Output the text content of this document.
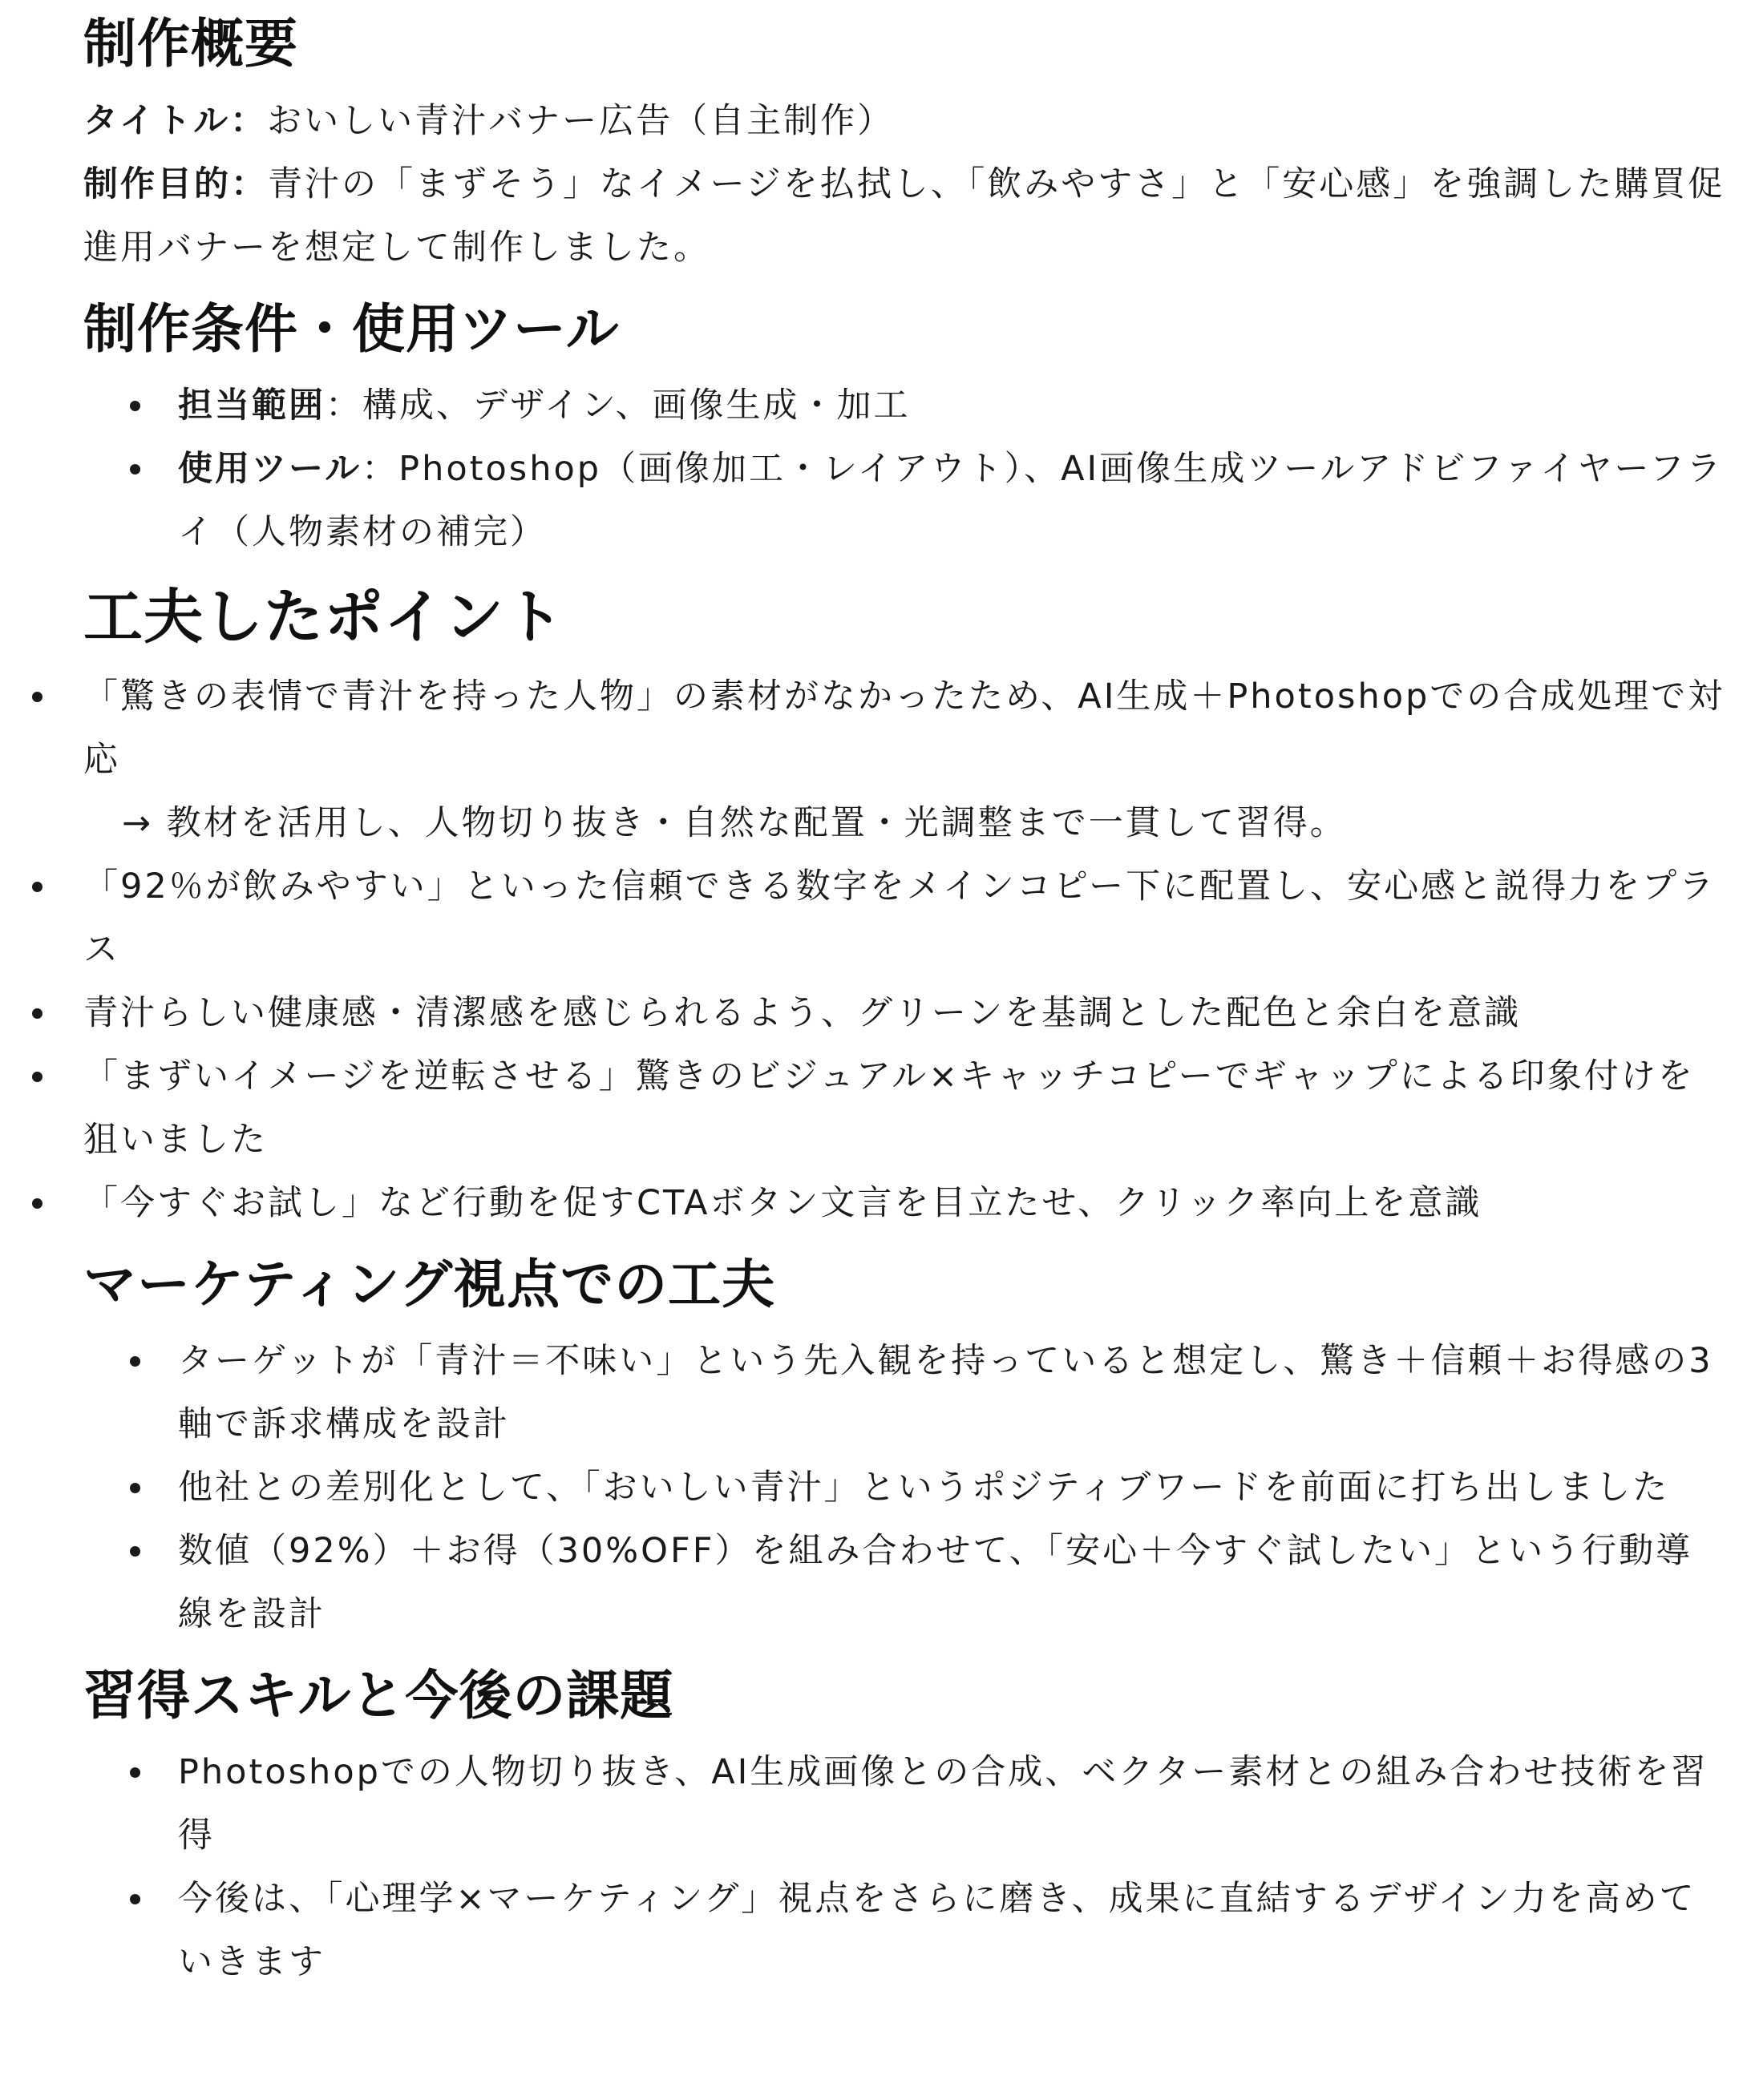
制作概要

タイトル：おいしい青汁バナー広告（自主制作）

制作目的：青汁の「まずそう」なイメージを払拭し、「飲みやすさ」と「安心感」を強調した購買促進用バナーを想定して制作しました。

制作条件・使用ツール
担当範囲：構成、デザイン、画像生成・加工
使用ツール：Photoshop（画像加工・レイアウト）、AI画像生成ツールアドビファイヤーフライ（人物素材の補完）
工夫したポイント
「驚きの表情で青汁を持った人物」の素材がなかったため、AI生成＋Photoshopでの合成処理で対応
→ 教材を活用し、人物切り抜き・自然な配置・光調整まで一貫して習得。
「92％が飲みやすい」といった信頼できる数字をメインコピー下に配置し、安心感と説得力をプラス
青汁らしい健康感・清潔感を感じられるよう、グリーンを基調とした配色と余白を意識
「まずいイメージを逆転させる」驚きのビジュアル×キャッチコピーでギャップによる印象付けを狙いました
「今すぐお試し」など行動を促すCTAボタン文言を目立たせ、クリック率向上を意識
マーケティング視点での工夫
ターゲットが「青汁＝不味い」という先入観を持っていると想定し、驚き＋信頼＋お得感の3軸で訴求構成を設計
他社との差別化として、「おいしい青汁」というポジティブワードを前面に打ち出しました
数値（92%）＋お得（30%OFF）を組み合わせて、「安心＋今すぐ試したい」という行動導線を設計
習得スキルと今後の課題
Photoshopでの人物切り抜き、AI生成画像との合成、ベクター素材との組み合わせ技術を習得
今後は、「心理学×マーケティング」視点をさらに磨き、成果に直結するデザイン力を高めていきます
